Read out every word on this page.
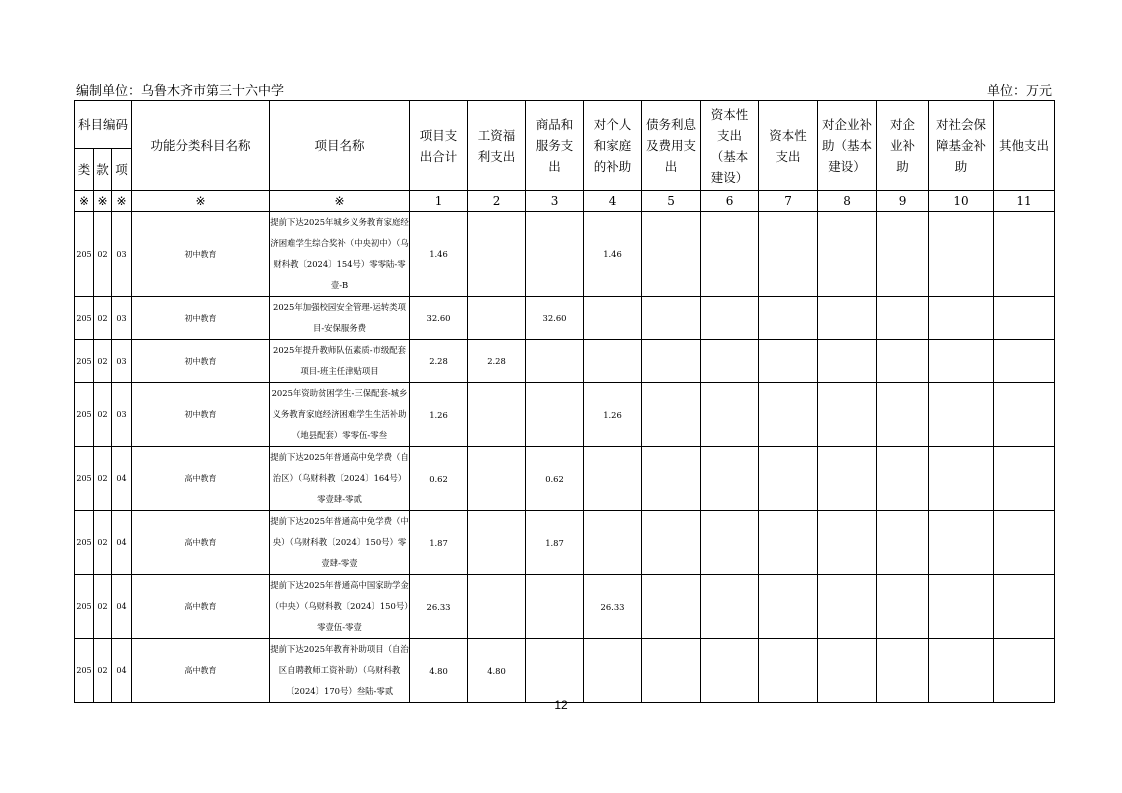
编制单位：乌鲁木齐市第三十六中学	单位：万元
科目编码			功能分类科目名称	项目名称	项目支出合计	工资福利支出	商品和服务支出	对个人和家庭的补助	债务利息及费用支出	资本性支出（基本建设）	资本性支出	对企业补助（基本建设）	对企业补助	对社会保障基金补助	其他支出
类	款	项													
※	※	※	※	※	1	2	3	4	5	6	7	8	9	10	11
205	02	03	初中教育	提前下达2025年城乡义务教育家庭经济困难学生综合奖补（中央初中）（乌财科教〔2024〕154号）零零陆-零壹-B	1.46			1.46							
205	02	03	初中教育	2025年加强校园安全管理-运转类项目-安保服务费	32.60		32.60								
205	02	03	初中教育	2025年提升教师队伍素质-市级配套项目-班主任津贴项目	2.28	2.28									
205	02	03	初中教育	2025年资助贫困学生-三保配套-城乡义务教育家庭经济困难学生生活补助（地县配套）零零伍-零叁	1.26			1.26							
205	02	04	高中教育	提前下达2025年普通高中免学费（自治区）（乌财科教〔2024〕164号）零壹肆-零贰	0.62		0.62								
205	02	04	高中教育	提前下达2025年普通高中免学费（中央）（乌财科教〔2024〕150号）零壹肆-零壹	1.87		1.87								
205	02	04	高中教育	提前下达2025年普通高中国家助学金（中央）（乌财科教〔2024〕150号）零壹伍-零壹	26.33			26.33							
205	02	04	高中教育	提前下达2025年教育补助项目（自治区自聘教师工资补助）（乌财科教〔2024〕170号）叁陆-零贰	4.80	4.80									
12
